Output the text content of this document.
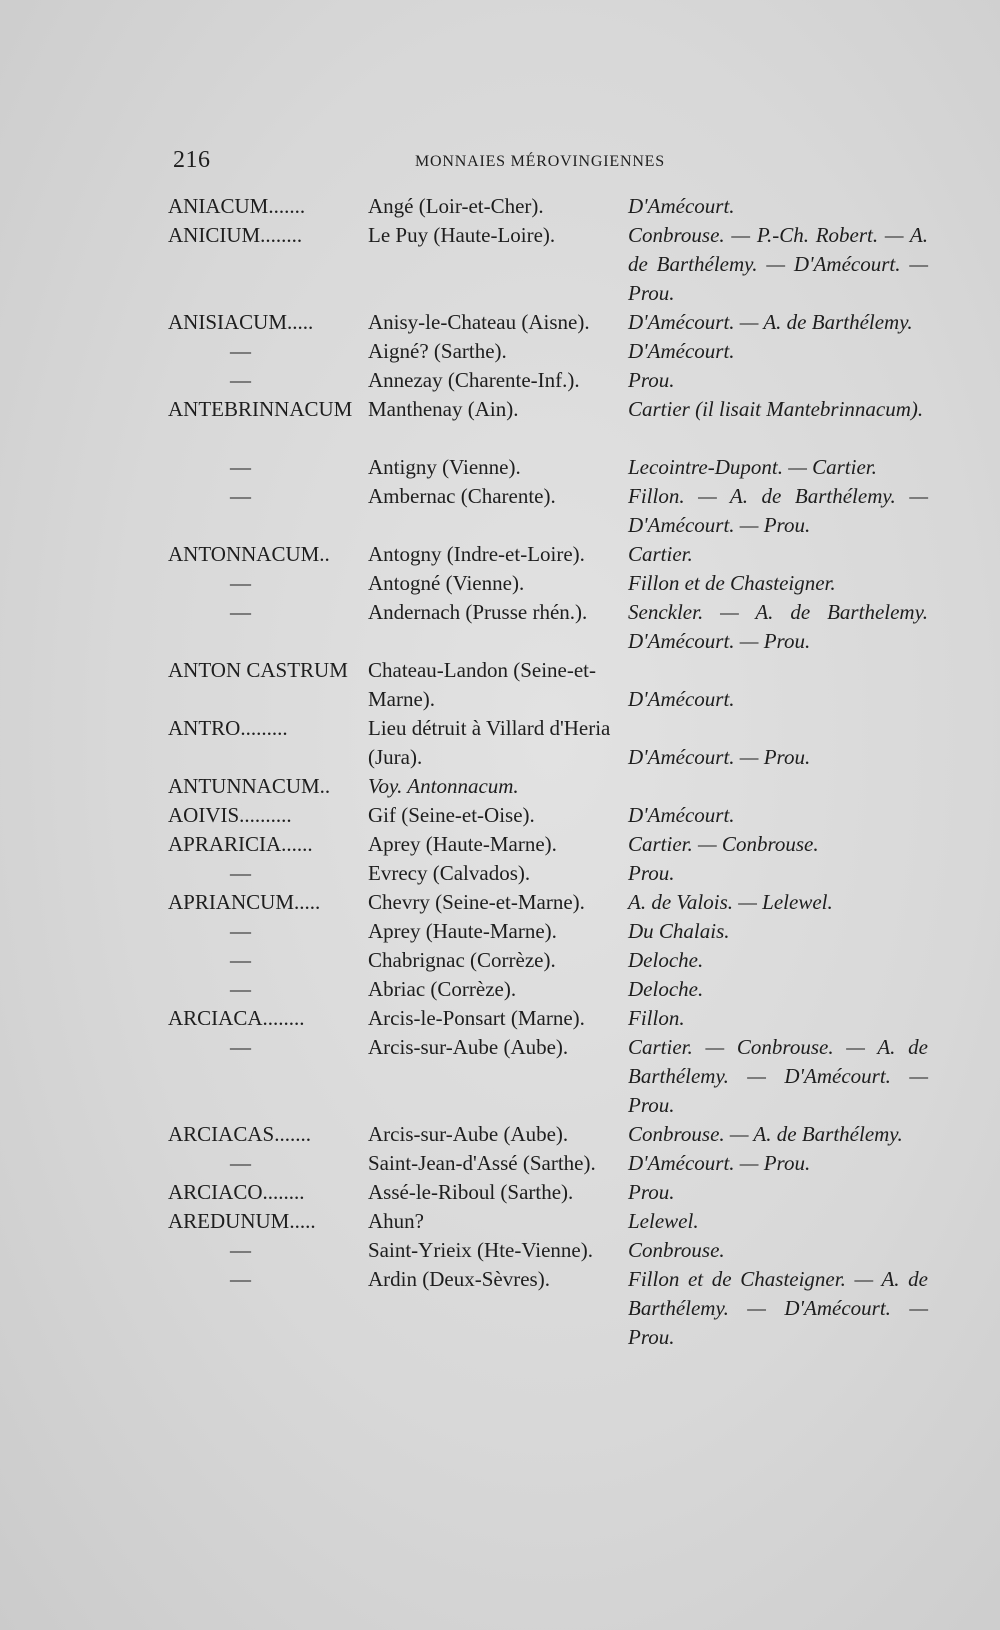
216	MONNAIES MÉROVINGIENNES
ANIACUM.......	Angé (Loir-et-Cher).	D'Amécourt.
ANICIUM........	Le Puy (Haute-Loire).	Conbrouse. — P.-Ch. Robert. — A. de Barthélemy. — D'Amécourt. — Prou.
ANISIACUM.....	Anisy-le-Chateau (Aisne).	D'Amécourt. — A. de Barthélemy.
—	Aigné? (Sarthe).	D'Amécourt.
—	Annezay (Charente-Inf.).	Prou.
ANTEBRINNACUM Manthenay (Ain).	Cartier (il lisait Mantebrinnacum).
—	Antigny (Vienne).	Lecointre-Dupont. — Cartier.
—	Ambernac (Charente).	Fillon. — A. de Barthélemy. — D'Amécourt. — Prou.
ANTONNACUM..	Antogny (Indre-et-Loire).	Cartier.
—	Antogné (Vienne).	Fillon et de Chasteigner.
—	Andernach (Prusse rhén.).	Senckler. — A. de Barthelemy. D'Amécourt. — Prou.
ANTON CASTRUM Chateau-Landon (Seine-et-Marne).	D'Amécourt.
ANTRO.........	Lieu détruit à Villard d'Heria (Jura).	D'Amécourt. — Prou.
ANTUNNACUM..	Voy. Antonnacum.
AOIVIS..........	Gif (Seine-et-Oise).	D'Amécourt.
APRARICIA......	Aprey (Haute-Marne).	Cartier. — Conbrouse.
—	Evrecy (Calvados).	Prou.
APRIANCUM.....	Chevry (Seine-et-Marne).	A. de Valois. — Lelewel.
—	Aprey (Haute-Marne).	Du Chalais.
—	Chabrignac (Corrèze).	Deloche.
—	Abriac (Corrèze).	Deloche.
ARCIACA........	Arcis-le-Ponsart (Marne).	Fillon.
—	Arcis-sur-Aube (Aube).	Cartier. — Conbrouse. — A. de Barthélemy. — D'Amécourt. — Prou.
ARCIACAS.......	Arcis-sur-Aube (Aube).	Conbrouse. — A. de Barthélemy.
—	Saint-Jean-d'Assé (Sarthe).	D'Amécourt. — Prou.
ARCIACO........	Assé-le-Riboul (Sarthe).	Prou.
AREDUNUM.....	Ahun?	Lelewel.
—	Saint-Yrieix (Hte-Vienne).	Conbrouse.
—	Ardin (Deux-Sèvres).	Fillon et de Chasteigner. — A. de Barthélemy. — D'Amécourt. — Prou.
